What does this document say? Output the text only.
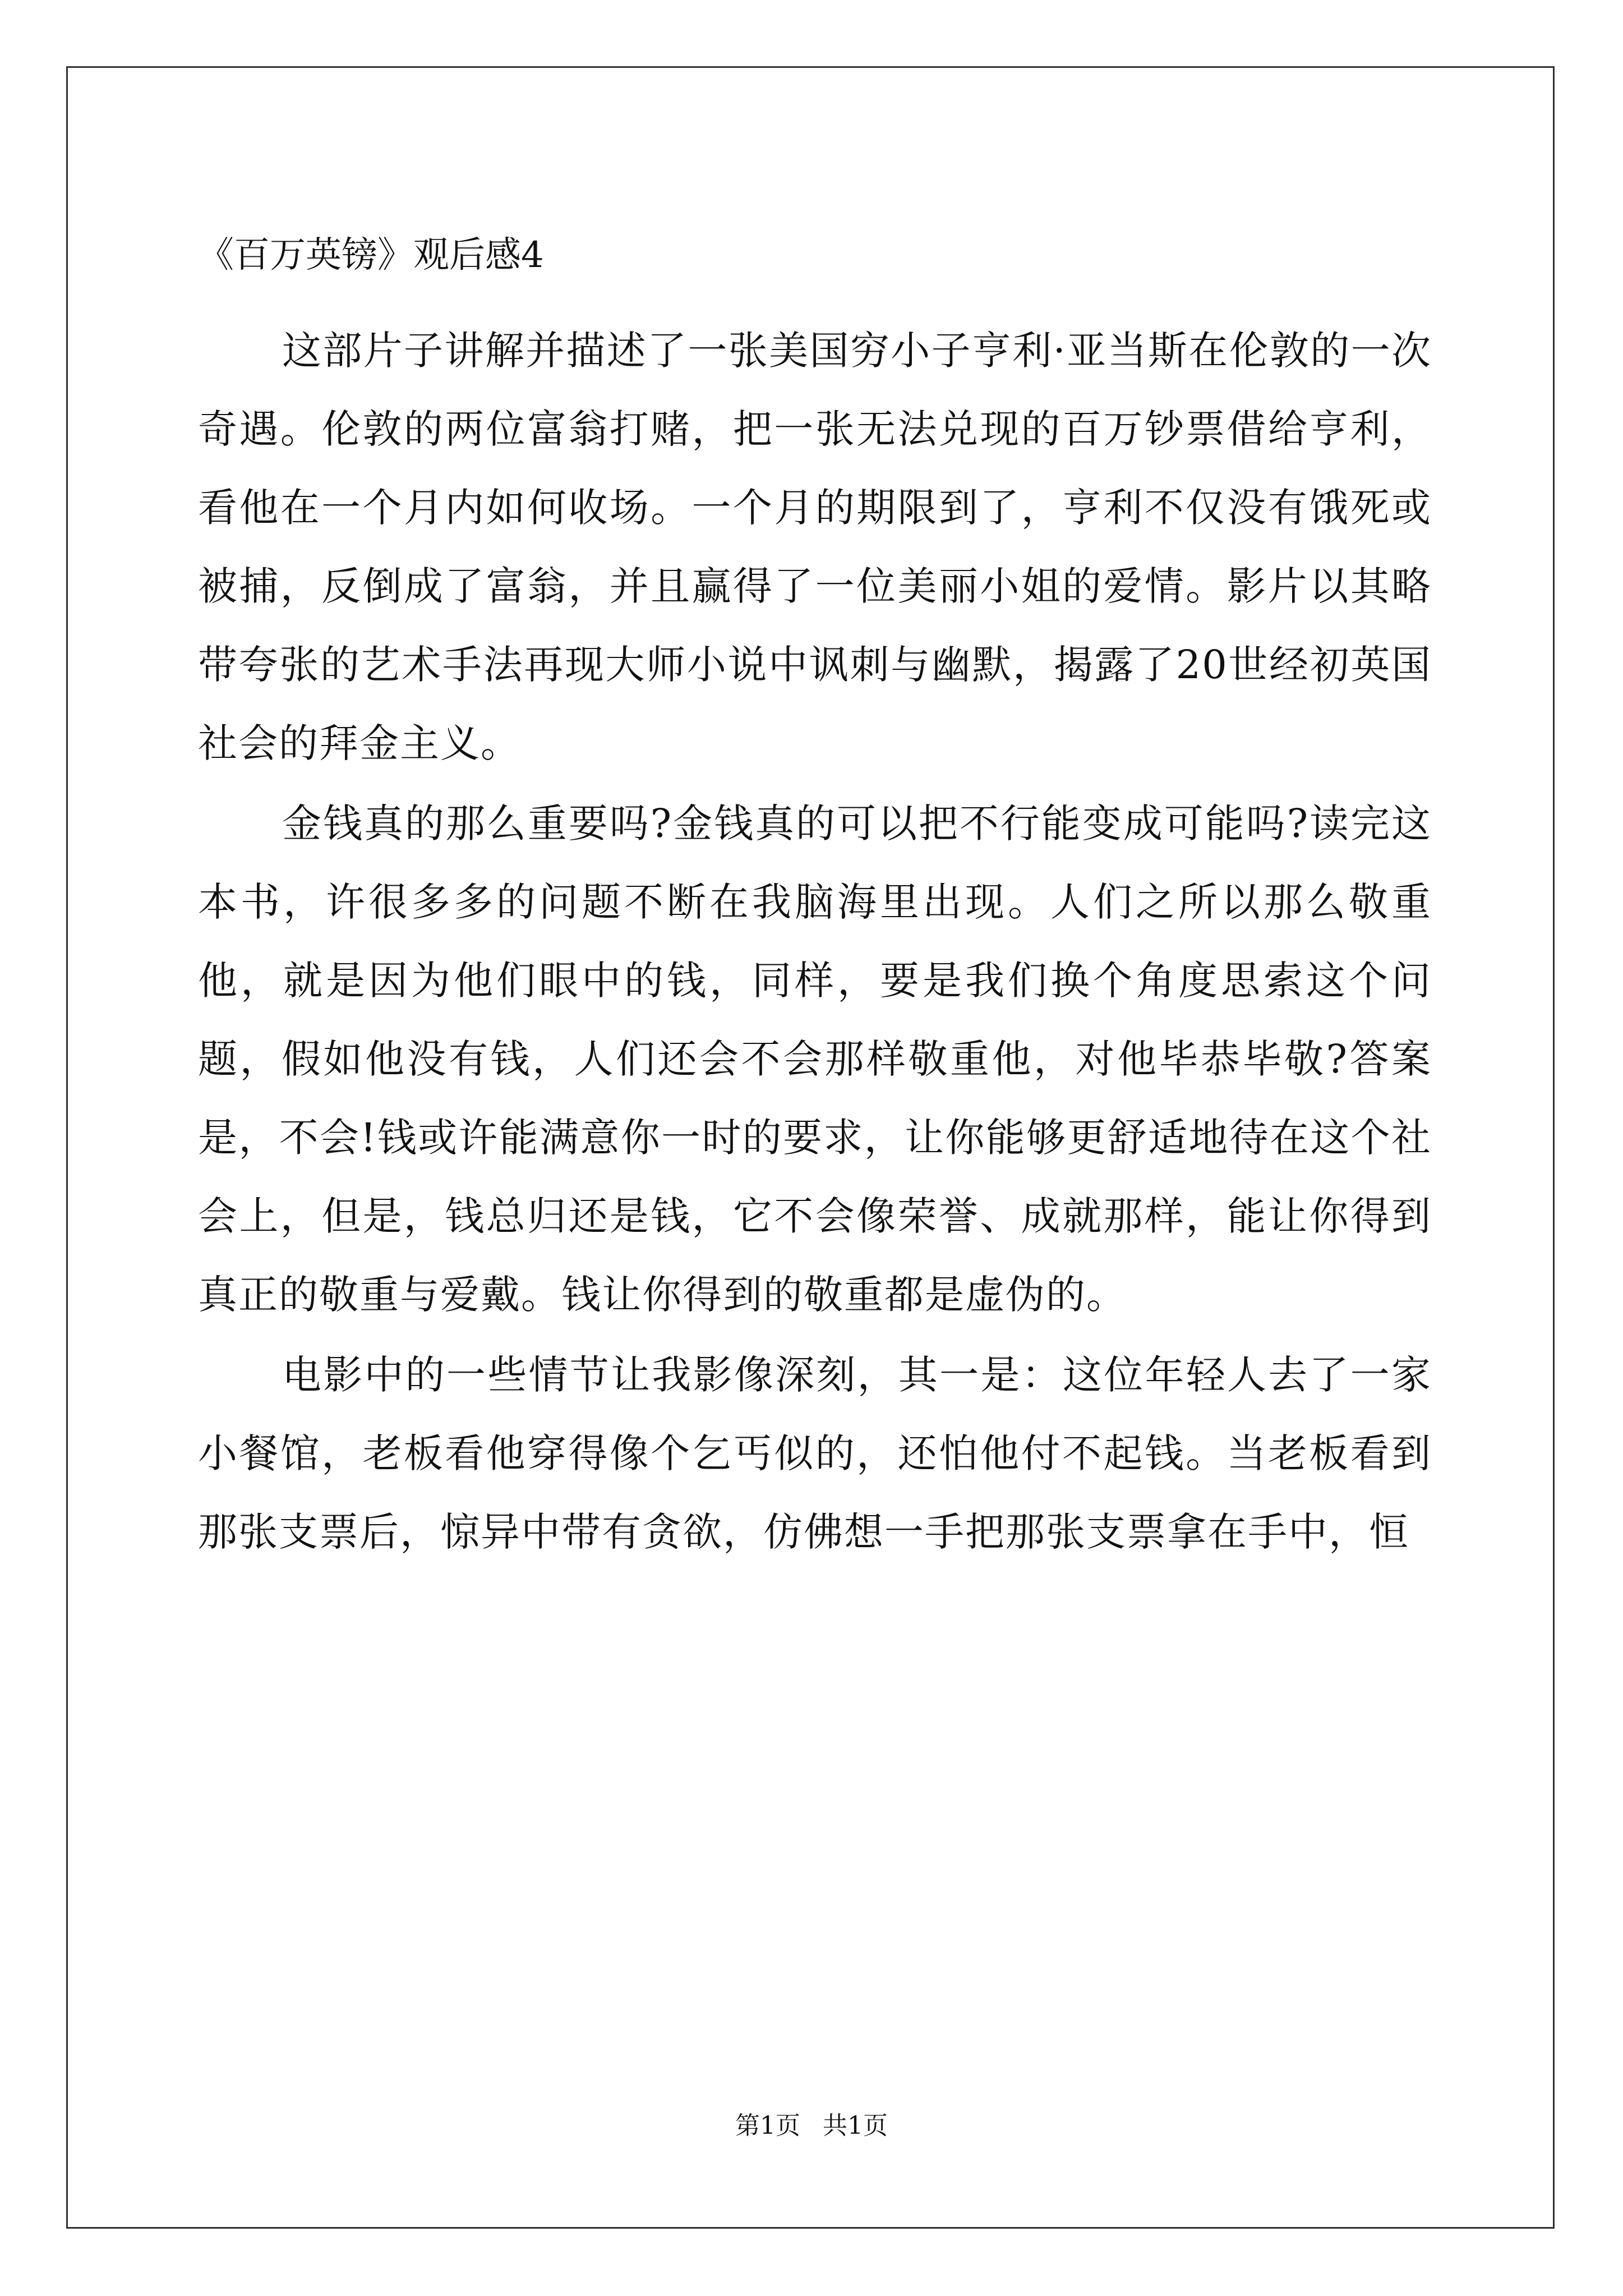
《百万英镑》观后感4

这部片子讲解并描述了一张美国穷小子亨利·亚当斯在伦敦的一次奇遇。伦敦的两位富翁打赌，把一张无法兑现的百万钞票借给亨利，看他在一个月内如何收场。一个月的期限到了，亨利不仅没有饿死或被捕，反倒成了富翁，并且赢得了一位美丽小姐的爱情。影片以其略带夸张的艺术手法再现大师小说中讽刺与幽默，揭露了20世经初英国社会的拜金主义。

金钱真的那么重要吗?金钱真的可以把不行能变成可能吗?读完这本书，许很多多的问题不断在我脑海里出现。人们之所以那么敬重他，就是因为他们眼中的钱，同样，要是我们换个角度思索这个问题，假如他没有钱，人们还会不会那样敬重他，对他毕恭毕敬?答案是，不会!钱或许能满意你一时的要求，让你能够更舒适地待在这个社会上，但是，钱总归还是钱，它不会像荣誉、成就那样，能让你得到真正的敬重与爱戴。钱让你得到的敬重都是虚伪的。

电影中的一些情节让我影像深刻，其一是：这位年轻人去了一家小餐馆，老板看他穿得像个乞丐似的，还怕他付不起钱。当老板看到那张支票后，惊异中带有贪欲，仿佛想一手把那张支票拿在手中，恒

第1页 共1页
